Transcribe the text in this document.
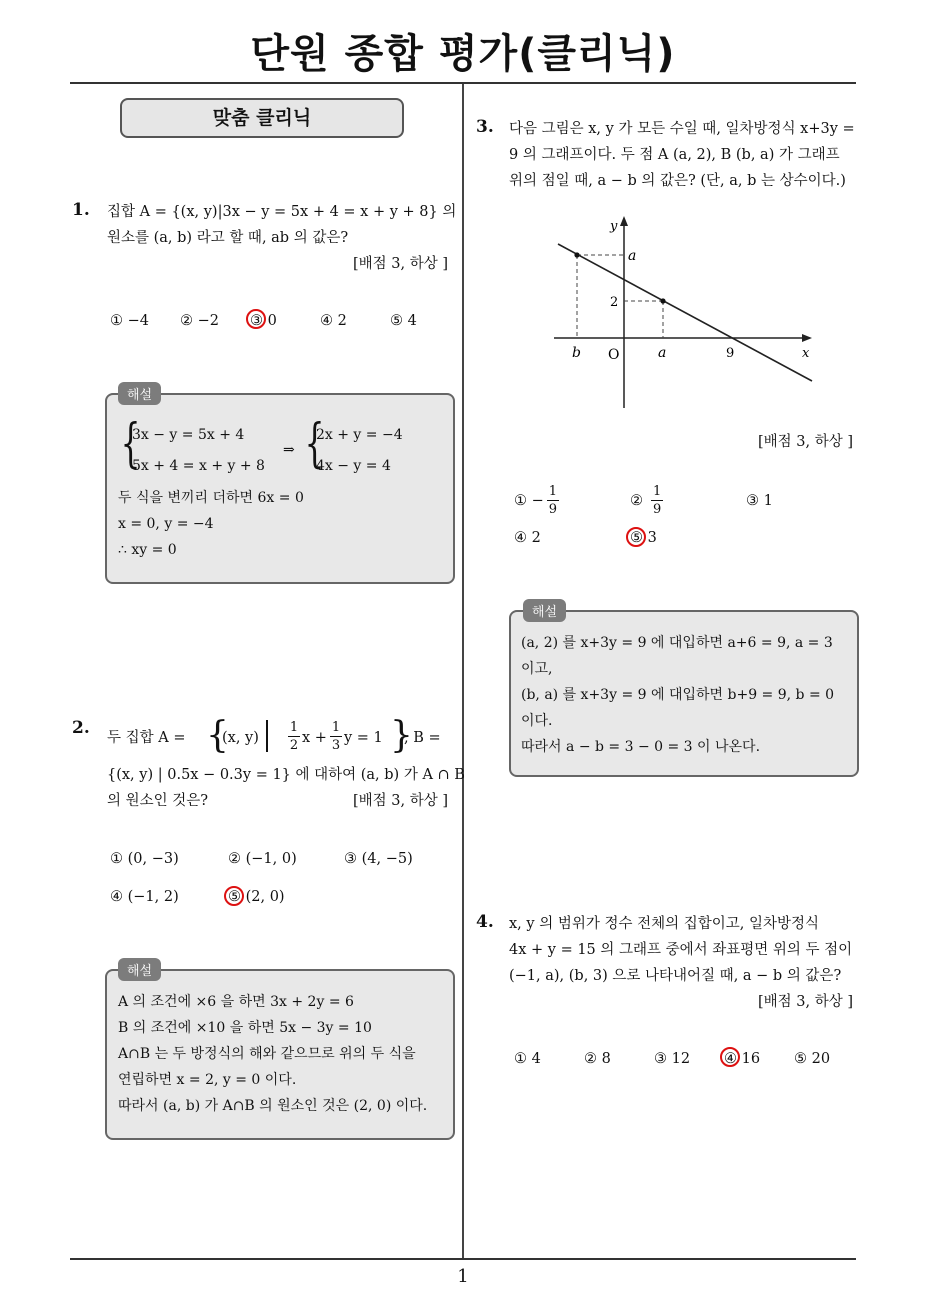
단원 종합 평가(클리닉)
맞춤 클리닉
1. 집합 A = {(x, y)|3x − y = 5x + 4 = x + y + 8} 의
원소를 (a, b) 라고 할 때, ab 의 값은?
[배점 3, 하상 ]
① −4 ② −2 ③ 0	④ 2	⑤ 4
해설
{
3x − y = 5x + 4
5x + 4 = x + y + 8
⇒ {
2x + y = −4
4x − y = 4
두 식을 변끼리 더하면 6x = 0
x = 0, y = −4
∴ xy = 0
2. 두 집합 A = {
(x, $y) \frac{1}{2}$ $x + \frac{1}{3}$ y = 1 }
, B =
{(x, y) | 0.5x − 0.3y = 1} 에 대하여 (a, b) 가 A ∩ B
의 원소인 것은?	[배점 3, 하상 ]
① (0, −3)	② (−1, 0)	③ (4, −5)
④ (−1, 2)	⑤ (2, 0)
해설
A 의 조건에 ×6 을 하면 3x + 2y = 6
B 의 조건에 ×10 을 하면 5x − 3y = 10
A∩B 는 두 방정식의 해와 같으므로 위의 두 식을
연립하면 x = 2, y = 0 이다.
따라서 (a, b) 가 A∩B 의 원소인 것은 (2, 0) 이다.
3. 다음 그림은 x, y 가 모든 수일 때, 일차방정식 x+3y =
9 의 그래프이다. 두 점 A (a, 2), B (b, a) 가 그래프
위의 점일 때, a − b 의 값은? (단, a, b 는 상수이다.)
y
x
a
2
b O	a	9
[배점 3, 하상 ]
① − $\frac{1}{9}$	② $\frac{1}{9}$	③ 1
④ 2	⑤ 3
해설
(a, 2) 를 x+3y = 9 에 대입하면 a+6 = 9, a = 3
이고,
(b, a) 를 x+3y = 9 에 대입하면 b+9 = 9, b = 0
이다.
따라서 a − b = 3 − 0 = 3 이 나온다.
4. x, y 의 범위가 정수 전체의 집합이고, 일차방정식
4x + y = 15 의 그래프 중에서 좌표평면 위의 두 점이
(−1, a), (b, 3) 으로 나타내어질 때, a − b 의 값은?
[배점 3, 하상 ]
① 4	② 8	③ 12 ④ 16 ⑤ 20
1
